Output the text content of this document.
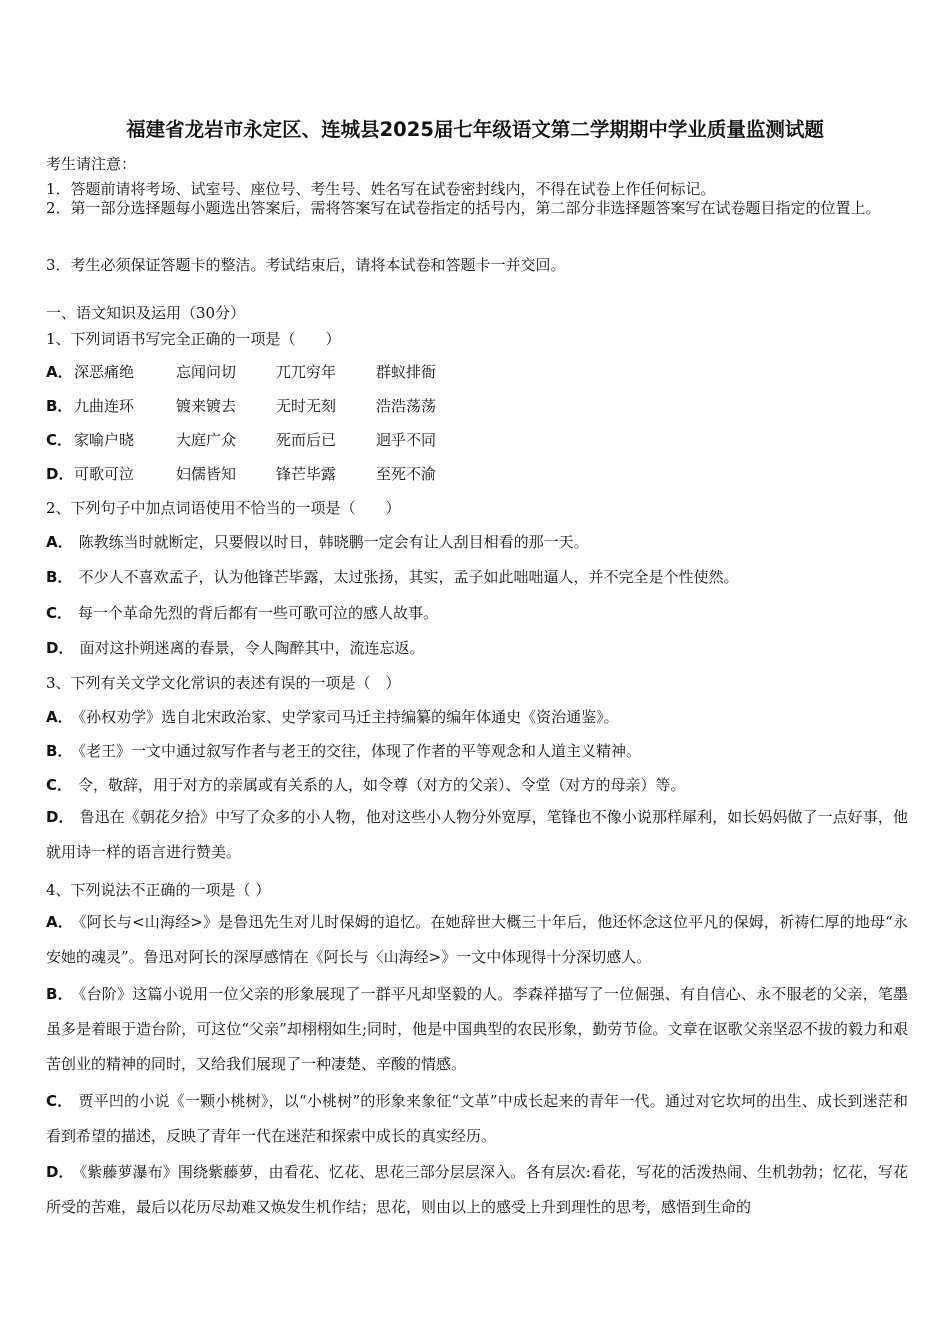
福建省龙岩市永定区、连城县2025届七年级语文第二学期期中学业质量监测试题
考生请注意：
1．答题前请将考场、试室号、座位号、考生号、姓名写在试卷密封线内，不得在试卷上作任何标记。
2．第一部分选择题每小题选出答案后，需将答案写在试卷指定的括号内，第二部分非选择题答案写在试卷题目指定的位置上。
3．考生必须保证答题卡的整洁。考试结束后，请将本试卷和答题卡一并交回。
一、语文知识及运用（30分）
1、下列词语书写完全正确的一项是（　　）
A． 深恶痛绝	忘闻问切	兀兀穷年	群蚁排衙
B． 九曲连环	镀来镀去	无时无刻	浩浩荡荡
C． 家喻户晓	大庭广众	死而后已	迥乎不同
D． 可歌可泣	妇儒皆知	锋芒毕露	至死不渝
2、下列句子中加点词语使用不恰当的一项是（　　）
A． 陈教练当时就断定，只要假以时日，韩晓鹏一定会有让人刮目相看的那一天。
B． 不少人不喜欢孟子，认为他锋芒毕露，太过张扬，其实，孟子如此咄咄逼人，并不完全是个性使然。
C． 每一个革命先烈的背后都有一些可歌可泣的感人故事。
D． 面对这扑朔迷离的春景，令人陶醉其中，流连忘返。
3、下列有关文学文化常识的表述有误的一项是（　）
A． 《孙权劝学》选自北宋政治家、史学家司马迁主持编纂的编年体通史《资治通鉴》。
B． 《老王》一文中通过叙写作者与老王的交往，体现了作者的平等观念和人道主义精神。
C． 令，敬辞，用于对方的亲属或有关系的人，如令尊（对方的父亲）、令堂（对方的母亲）等。
D． 鲁迅在《朝花夕拾》中写了众多的小人物，他对这些小人物分外宽厚，笔锋也不像小说那样犀利，如长妈妈做了一点好事，他就用诗一样的语言进行赞美。
4、下列说法不正确的一项是（ ）
A． 《阿长与<山海经>》是鲁迅先生对儿时保姆的追忆。在她辞世大概三十年后，他还怀念这位平凡的保姆，祈祷仁厚的地母“永安她的魂灵”。鲁迅对阿长的深厚感情在《阿长与〈山海经>》一文中体现得十分深切感人。
B． 《台阶》这篇小说用一位父亲的形象展现了一群平凡却坚毅的人。李森祥描写了一位倔强、有自信心、永不服老的父亲，笔墨虽多是着眼于造台阶，可这位“父亲”却栩栩如生;同时，他是中国典型的农民形象，勤劳节俭。文章在讴歌父亲坚忍不拔的毅力和艰苦创业的精神的同时，又给我们展现了一种凄楚、辛酸的情感。
C． 贾平凹的小说《一颗小桃树》，以“小桃树”的形象来象征“文革”中成长起来的青年一代。通过对它坎坷的出生、成长到迷茫和看到希望的描述，反映了青年一代在迷茫和探索中成长的真实经历。
D． 《紫藤萝瀑布》围绕紫藤萝，由看花、忆花、思花三部分层层深入。各有层次:看花，写花的活泼热闹、生机勃勃；忆花，写花所受的苦难，最后以花历尽劫难又焕发生机作结；思花，则由以上的感受上升到理性的思考，感悟到生命的
